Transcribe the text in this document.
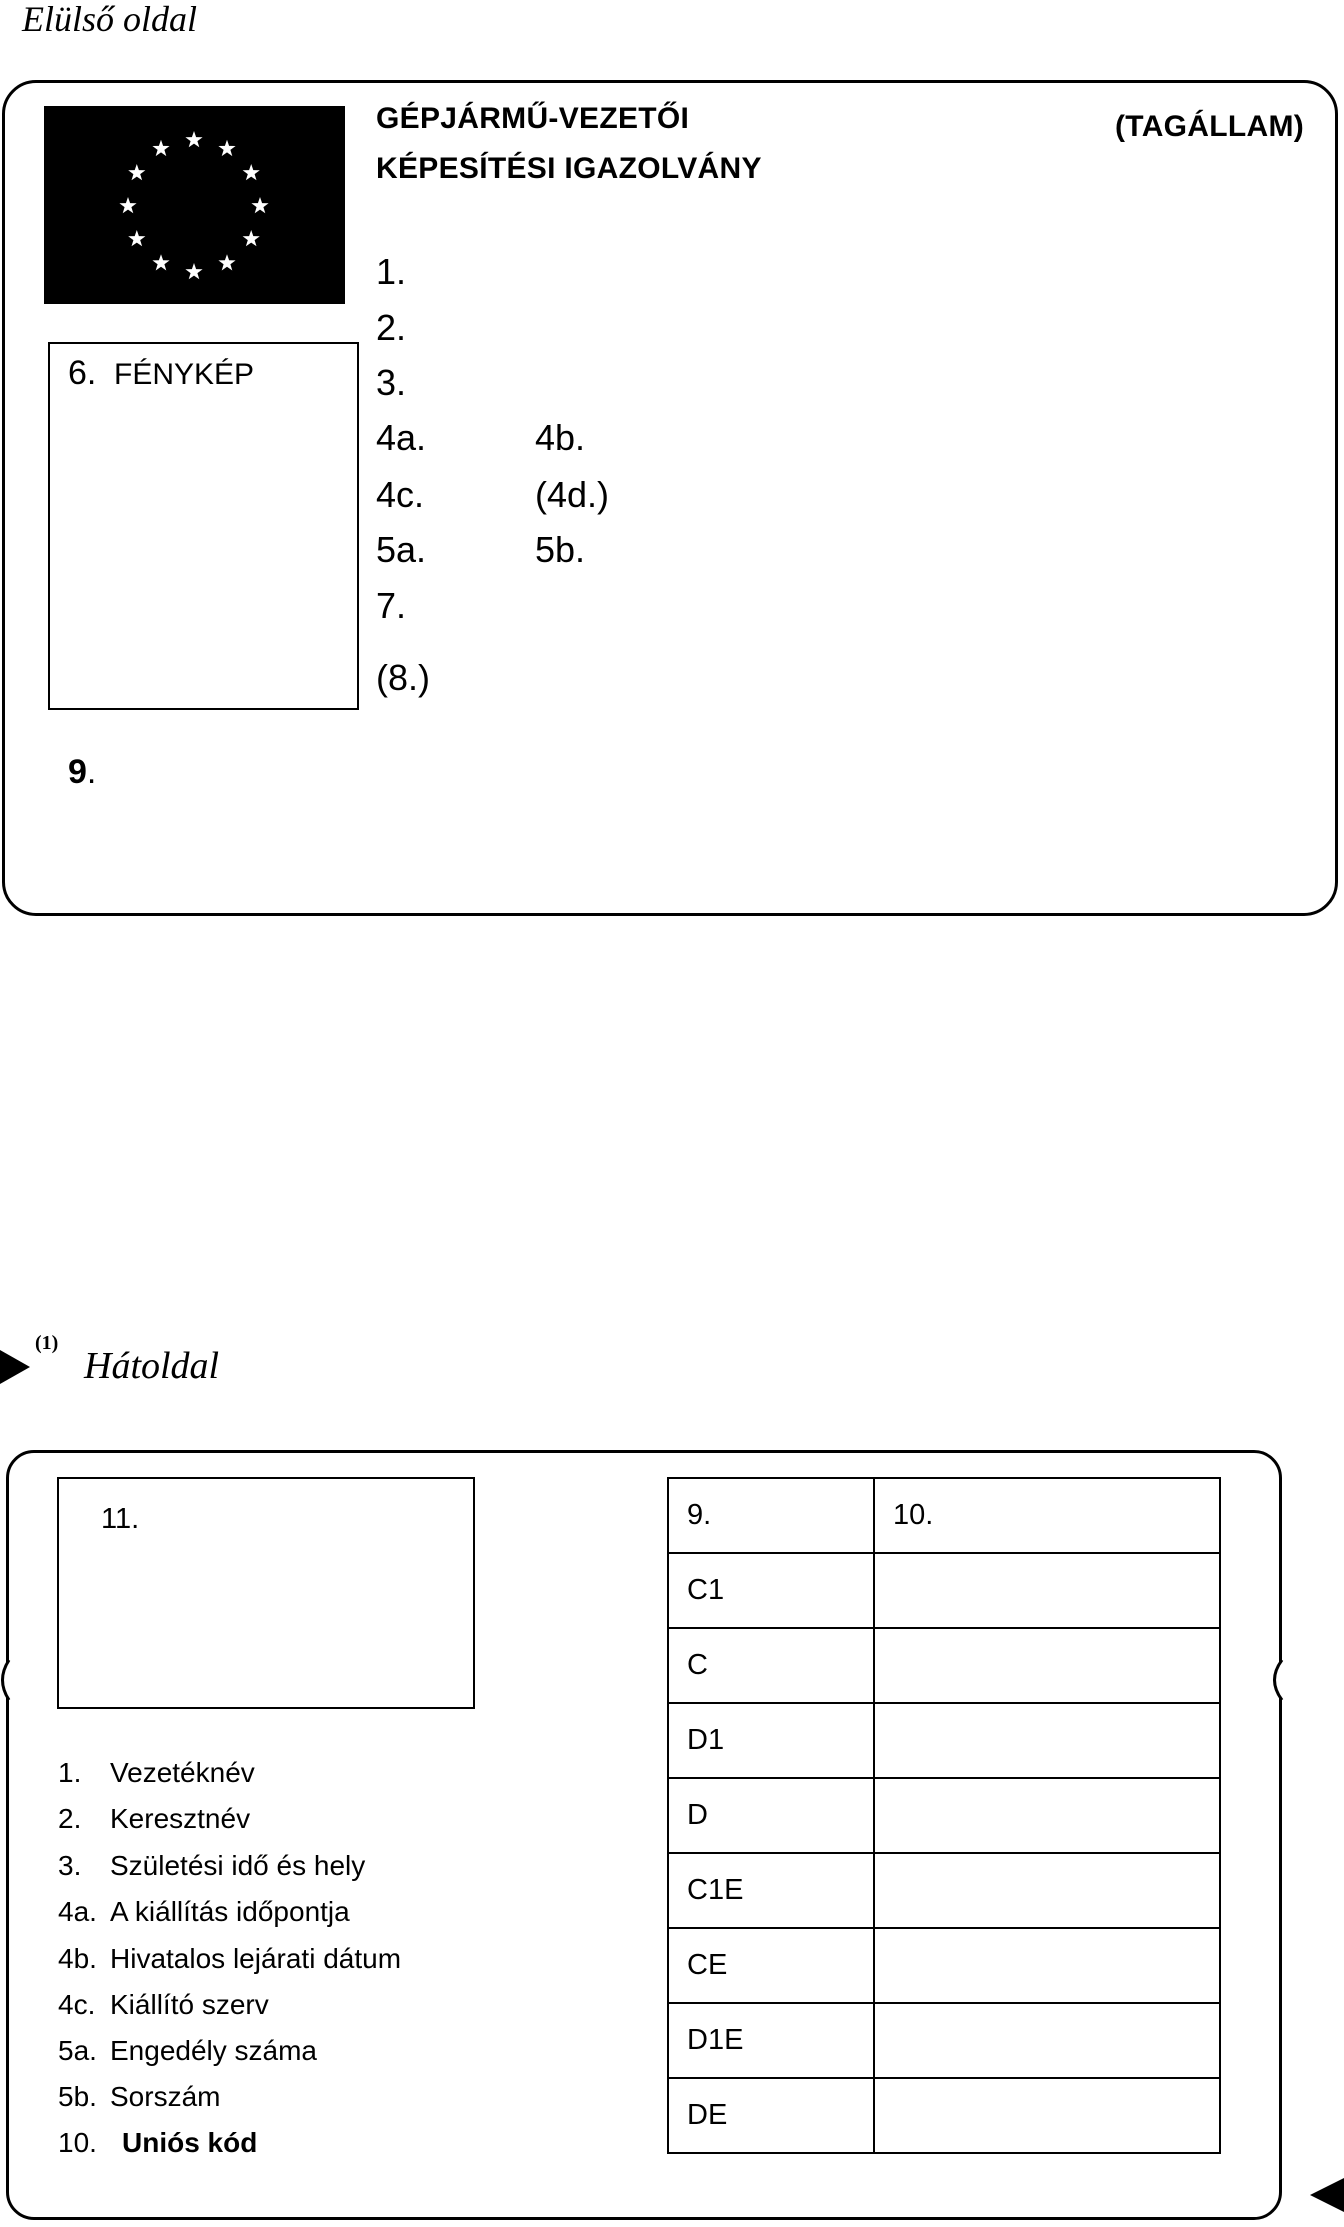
Elülső oldal
GÉPJÁRMŰ-VEZETŐI
KÉPESÍTÉSI IGAZOLVÁNY
(TAGÁLLAM)
6. FÉNYKÉP
1.
2.
3.
4a.	4b.
4c.	(4d.)
5a.	5b.
7.
(8.)
9.
(1)
Hátoldal
11.
1. Vezetéknév
2. Keresztnév
3. Születési idő és hely
4a. A kiállítás időpontja
4b. Hivatalos lejárati dátum
4c. Kiállító szerv
5a. Engedély száma
5b. Sorszám
10. Uniós kód
9.	10.
C1	
C	
D1	
D	
C1E	
CE	
D1E	
DE	
